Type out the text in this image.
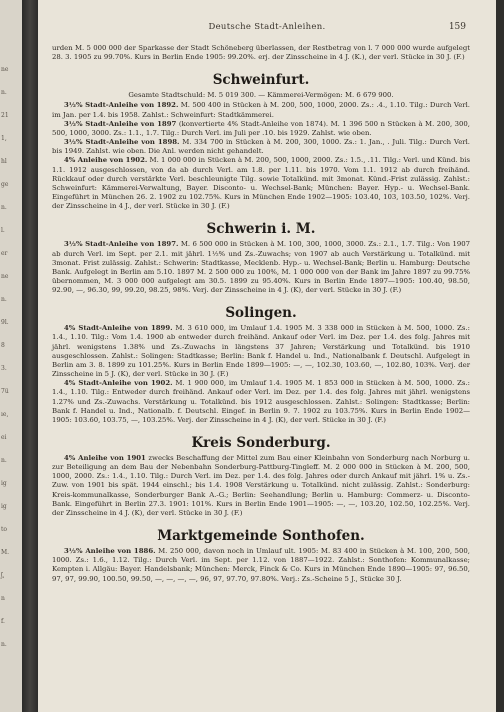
ne
n.
21
1,
hl
ge
n.
l.
er
ne
n.
9l.
8
3.
7ü
ıe,
ei
n.
ig
ig
to
M.
ʃ,
n
f.
n.
Deutsche Stadt-Anleihen.	159

urden M. 5 000 000 der Sparkasse der Stadt Schöneberg überlassen, der Restbetrag von l. 7 000 000 wurde aufgelegt 28. 3. 1905 zu 99.70%. Kurs in Berlin Ende 1905: 99.20%. erj. der Zinsscheine in 4 J. (K.), der verl. Stücke in 30 J. (F.)

Schweinfurt.
Gesamte Stadtschuld: M. 5 019 300. — Kämmerei-Vermögen: M. 6 679 900.

3½% Stadt-Anleihe von 1892. M. 500 400 in Stücken à M. 200, 500, 1000, 2000. Zs.: .4., 1.10. Tilg.: Durch Verl. im Jan. per 1.4. bis 1958. Zahlst.: Schweinfurt: Stadtkämmerei.

3½% Stadt-Anleihe von 1897 (konvertierte 4% Stadt-Anleihe von 1874). M. 1 396 500 n Stücken à M. 200, 300, 500, 1000, 3000. Zs.: 1.1., 1.7. Tilg.: Durch Verl. im Juli per .10. bis 1929. Zahlst. wie oben.

3½% Stadt-Anleihe von 1898. M. 334 700 in Stücken à M. 200, 300, 1000. Zs.: 1. Jan., . Juli. Tilg.: Durch Verl. bis 1949. Zahlst. wie oben. Die Anl. werden nicht gehandelt.

4% Anleihe von 1902. M. 1 000 000 in Stücken à M. 200, 500, 1000, 2000. Zs.: 1.5., .11. Tilg.: Verl. und Künd. bis 1.1. 1912 ausgeschlossen, von da ab durch Verl. am 1.8. per 1.11. bis 1970. Vom 1.1. 1912 ab durch freihänd. Rückkauf oder durch verstärkte Verl. beschleunigte Tilg. sowie Totalkünd. mit 3monat. Künd.-Frist zulässig. Zahlst.: Schweinfurt: Kämmerei-Verwaltung, Bayer. Disconto- u. Wechsel-Bank; München: Bayer. Hyp.- u. Wechsel-Bank. Eingeführt in München 26. 2. 1902 zu 102.75%. Kurs in München Ende 1902—1905: 103.40, 103, 103.50, 102%. Verj. der Zinsscheine in 4 J., der verl. Stücke in 30 J. (F.)

Schwerin i. M.

3½% Stadt-Anleihe von 1897. M. 6 500 000 in Stücken à M. 100, 300, 1000, 3000. Zs.: 2.1., 1.7. Tilg.: Von 1907 ab durch Verl. im Sept. per 2.1. mit jährl. 1½% und Zs.-Zuwachs; von 1907 ab auch Verstärkung u. Totalkünd. mit 3monat. Frist zulässig. Zahlst.: Schwerin: Stadtkasse, Mecklenb. Hyp.- u. Wechsel-Bank; Berlin u. Hamburg: Deutsche Bank. Aufgelegt in Berlin am 5.10. 1897 M. 2 500 000 zu 100%, M. 1 000 000 von der Bank im Jahre 1897 zu 99.75% übernommen, M. 3 000 000 aufgelegt am 30.5. 1899 zu 95.40%. Kurs in Berlin Ende 1897—1905: 100.40, 98.50, 92.90, —, 96.30, 99, 99.20, 98.25, 98%. Verj. der Zinsscheine in 4 J. (K), der verl. Stücke in 30 J. (F.)

Solingen.

4% Stadt-Anleihe von 1899. M. 3 610 000, im Umlauf 1.4. 1905 M. 3 338 000 in Stücken à M. 500, 1000. Zs.: 1.4., 1.10. Tilg.: Vom 1.4. 1900 ab entweder durch freihänd. Ankauf oder Verl. im Dez. per 1.4. des folg. Jahres mit jährl. wenigstens 1.38% und Zs.-Zuwachs in längstens 37 Jahren; Verstärkung und Totalkünd. bis 1910 ausgeschlossen. Zahlst.: Solingen: Stadtkasse; Berlin: Bank f. Handel u. Ind., Nationalbank f. Deutschl. Aufgelegt in Berlin am 3. 8. 1899 zu 101.25%. Kurs in Berlin Ende 1899—1905: —, —, 102.30, 103.60, —, 102.80, 103%. Verj. der Zinsscheine in 5 J. (K), der verl. Stücke in 30 J. (F.)

4% Stadt-Anleihe von 1902. M. 1 900 000, im Umlauf 1.4. 1905 M. 1 853 000 in Stücken à M. 500, 1000. Zs.: 1.4., 1.10. Tilg.: Entweder durch freihänd. Ankauf oder Verl. im Dez. per 1.4. des folg. Jahres mit jährl. wenigstens 1.27% und Zs.-Zuwachs. Verstärkung u. Totalkünd. bis 1912 ausgeschlossen. Zahlst.: Solingen: Stadtkasse; Berlin: Bank f. Handel u. Ind., Nationalb. f. Deutschl. Eingef. in Berlin 9. 7. 1902 zu 103.75%. Kurs in Berlin Ende 1902—1905: 103.60, 103.75, —, 103.25%. Verj. der Zinsscheine in 4 J. (K), der verl. Stücke in 30 J. (F.)

Kreis Sonderburg.

4% Anleihe von 1901 zwecks Beschaffung der Mittel zum Bau einer Kleinbahn von Sonderburg nach Norburg u. zur Beteiligung an dem Bau der Nebenbahn Sonderburg-Pattburg-Tingleff. M. 2 000 000 in Stücken à M. 200, 500, 1000, 2000. Zs.: 1.4., 1.10. Tilg.: Durch Verl. im Dez. per 1.4. des folg. Jahres oder durch Ankauf mit jährl. 1% u. Zs.-Zuw. von 1901 bis spät. 1944 einschl.; bis 1.4. 1908 Verstärkung u. Totalkünd. nicht zulässig. Zahlst.: Sonderburg: Kreis-kommunalkasse, Sonderburger Bank A.-G.; Berlin: Seehandlung; Berlin u. Hamburg: Commerz- u. Disconto-Bank. Eingeführt in Berlin 27.3. 1901: 101%. Kurs in Berlin Ende 1901—1905: —, —, 103.20, 102.50, 102.25%. Verj. der Zinsscheine in 4 J. (K), der verl. Stücke in 30 J. (F.)

Marktgemeinde Sonthofen.

3½% Anleihe von 1886. M. 250 000, davon noch in Umlauf ult. 1905: M. 83 400 in Stücken à M. 100, 200, 500, 1000. Zs.: 1.6., 1.12. Tilg.: Durch Verl. im Sept. per 1.12. von 1887—1922. Zahlst.: Sonthofen: Kommunalkasse; Kempten i. Allgäu: Bayer. Handelsbank; München: Merck, Finck & Co. Kurs in München Ende 1890—1905: 97, 96.50, 97, 97, 99.90, 100.50, 99.50, —, —, —, —, 96, 97, 97.70, 97.80%. Verj.: Zs.-Scheine 5 J., Stücke 30 J.
